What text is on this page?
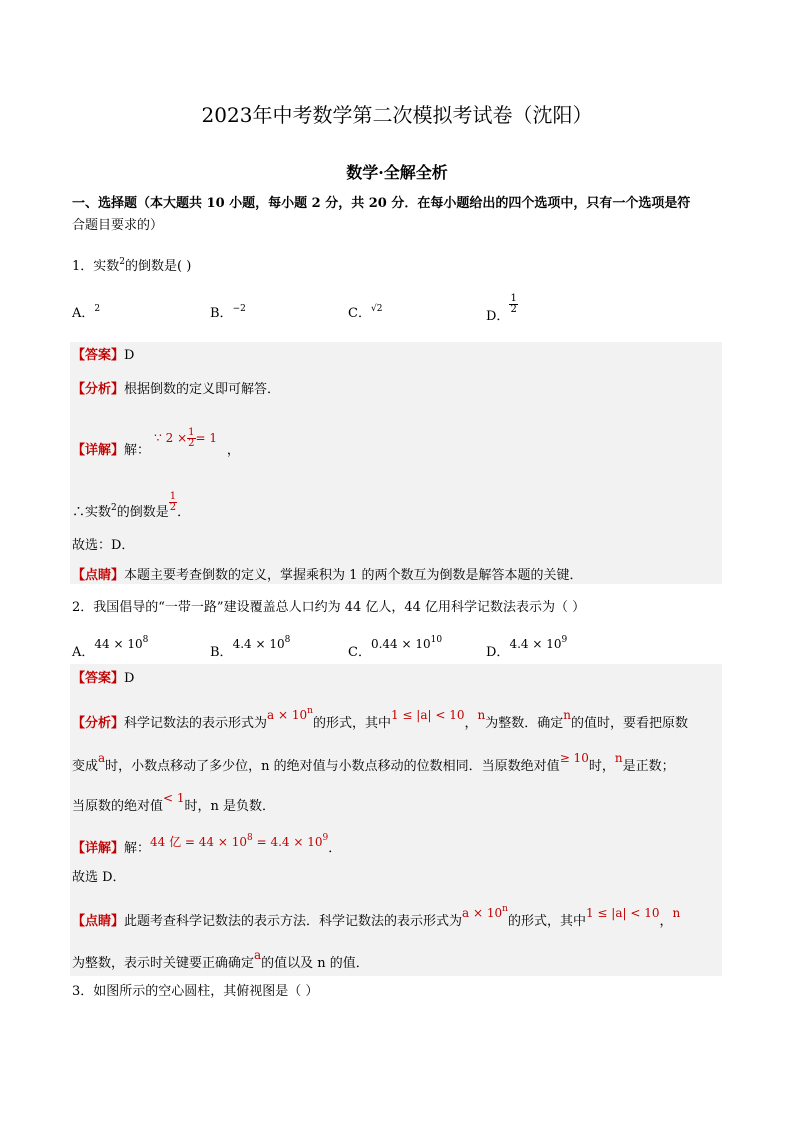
2023年中考数学第二次模拟考试卷（沈阳）
数学·全解全析
一、选择题（本大题共 10 小题，每小题 2 分，共 20 分．在每小题给出的四个选项中，只有一个选项是符
合题目要求的）
1．实数$^2$的倒数是( )
A．$^2$	B．$^{-2}$	C．$^{√2}$	D．
$\frac{1}{2}$
【答案】D
【分析】根据倒数的定义即可解答．
【详解】解： ∵ $2 \times \frac{1}{2} = 1$ ，
∴实数$^2$的倒数是 $\frac{1}{2}$ ．
故选：D．
【点睛】本题主要考查倒数的定义，掌握乘积为 1 的两个数互为倒数是解答本题的关键．
2．我国倡导的“一带一路”建设覆盖总人口约为 44 亿人，44 亿用科学记数法表示为（ ）
A．$44 \times 10^8$
B．$4.4 \times 10^8$
C．$0.44 \times 10^{10}$
D．$4.4 \times 10^9$
【答案】D
【分析】科学记数法的表示形式为$a \times 10^n$的形式，其中1 ≤ |a| < 10，n为整数．确定n的值时，要看把原数
变成a时，小数点移动了多少位，n 的绝对值与小数点移动的位数相同．当原数绝对值≥ 10时，n是正数；
当原数的绝对值< 1时，n 是负数．
【详解】解：44 亿 = $44 \times 10^8 = 4.4 \times 10^9$．
故选 D．
【点睛】此题考查科学记数法的表示方法．科学记数法的表示形式为$a \times 10^n$的形式，其中1 ≤ |a| < 10，n
为整数，表示时关键要正确确定a的值以及 n 的值．
3．如图所示的空心圆柱，其俯视图是（ ）
